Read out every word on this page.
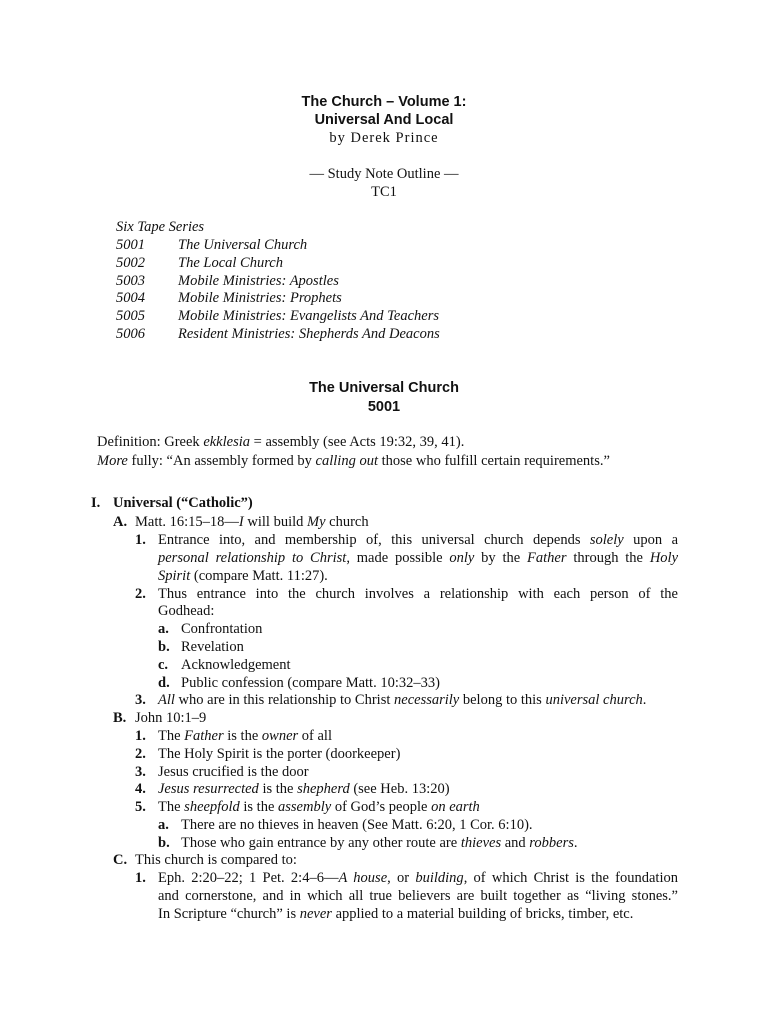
The Church – Volume 1:
Universal And Local
by Derek Prince
— Study Note Outline —
TC1
Six Tape Series
5001 The Universal Church
5002 The Local Church
5003 Mobile Ministries: Apostles
5004 Mobile Ministries: Prophets
5005 Mobile Ministries: Evangelists And Teachers
5006 Resident Ministries: Shepherds And Deacons
The Universal Church
5001
Definition: Greek ekklesia = assembly (see Acts 19:32, 39, 41).
More fully: “An assembly formed by calling out those who fulfill certain requirements.”
I. Universal (“Catholic”)
A. Matt. 16:15–18—I will build My church
1. Entrance into, and membership of, this universal church depends solely upon a
personal relationship to Christ, made possible only by the Father through the Holy
Spirit (compare Matt. 11:27).
2. Thus entrance into the church involves a relationship with each person of the
Godhead:
a. Confrontation
b. Revelation
c. Acknowledgement
d. Public confession (compare Matt. 10:32–33)
3. All who are in this relationship to Christ necessarily belong to this universal church.
B. John 10:1–9
1. The Father is the owner of all
2. The Holy Spirit is the porter (doorkeeper)
3. Jesus crucified is the door
4. Jesus resurrected is the shepherd (see Heb. 13:20)
5. The sheepfold is the assembly of God’s people on earth
a. There are no thieves in heaven (See Matt. 6:20, 1 Cor. 6:10).
b. Those who gain entrance by any other route are thieves and robbers.
C. This church is compared to:
1. Eph. 2:20–22; 1 Pet. 2:4–6—A house, or building, of which Christ is the foundation
and cornerstone, and in which all true believers are built together as “living stones.”
In Scripture “church” is never applied to a material building of bricks, timber, etc.
